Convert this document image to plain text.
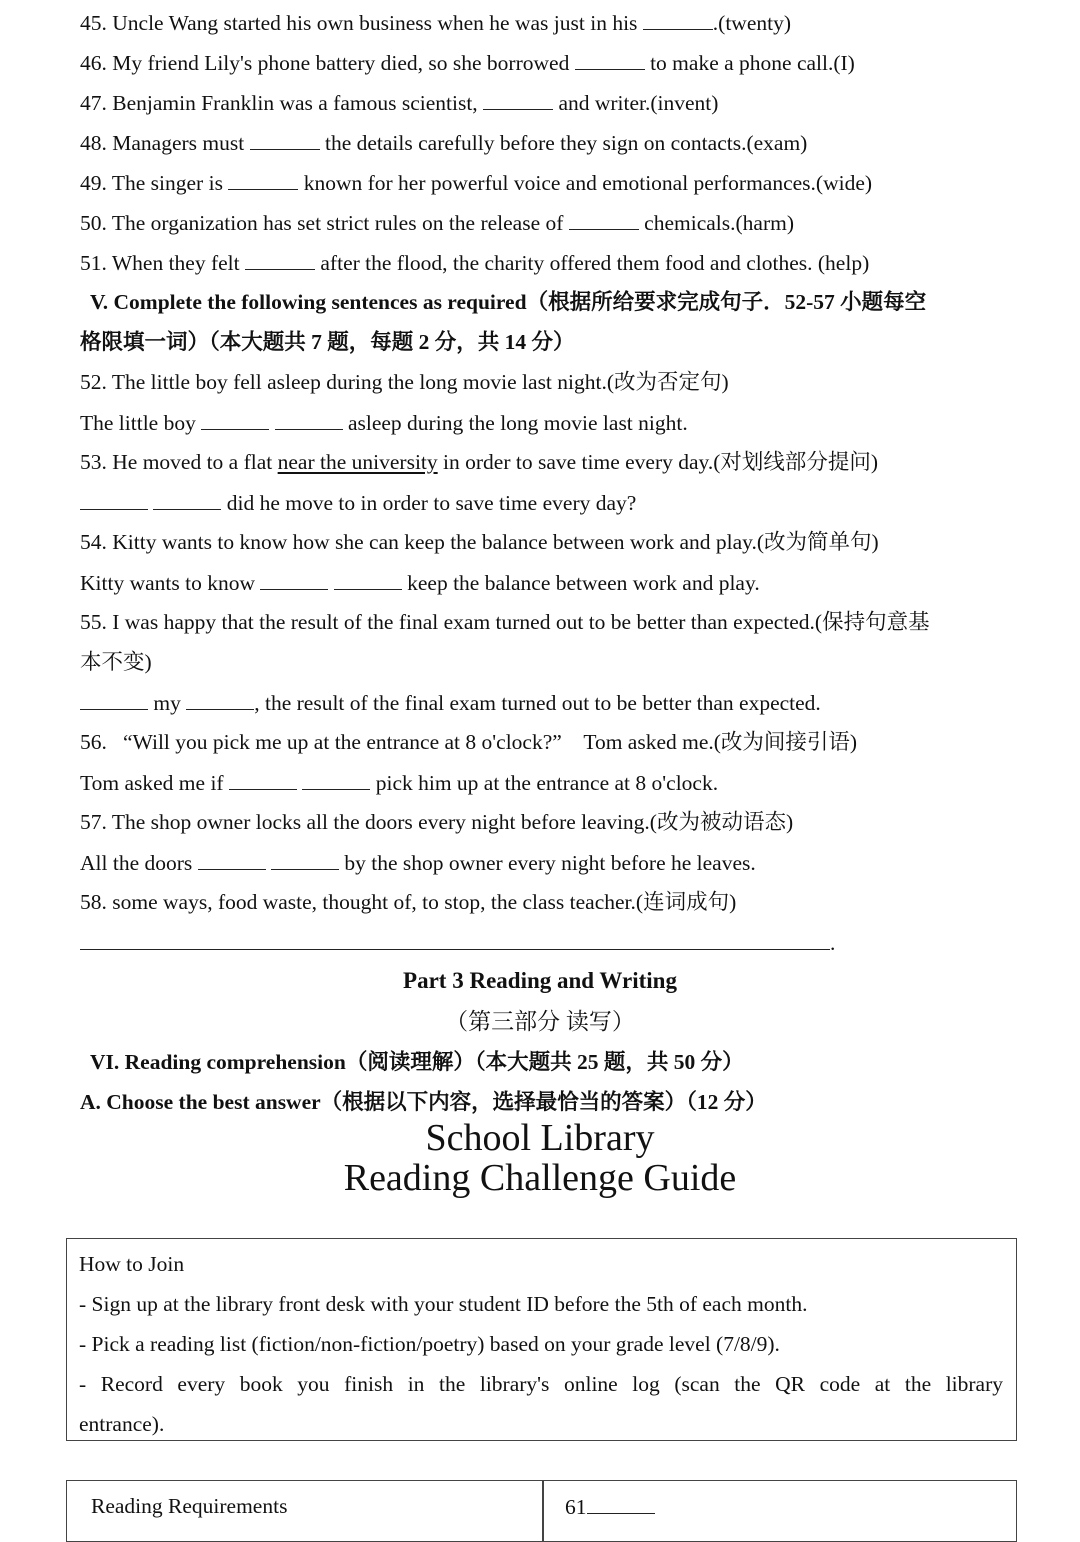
45. Uncle Wang started his own business when he was just in his	.(twenty)
46. My friend Lily's phone battery died, so she borrowed	to make a phone call.(I)
47. Benjamin Franklin was a famous scientist,	and writer.(invent)
48. Managers must	the details carefully before they sign on contacts.(exam)
49. The singer is	known for her powerful voice and emotional performances.(wide)
50. The organization has set strict rules on the release of	chemicals.(harm)
51. When they felt	after the flood, the charity offered them food and clothes. (help)
V. Complete the following sentences as required（根据所给要求完成句子．52-57 小题每空
格限填一词）（本大题共 7 题，每题 2 分，共 14 分）
52. The little boy fell asleep during the long movie last night.(改为否定句)
The little boy	asleep during the long movie last night.
53. He moved to a flat near the university in order to save time every day.(对划线部分提问)
did he move to in order to save time every day?
54. Kitty wants to know how she can keep the balance between work and play.(改为简单句)
Kitty wants to know	keep the balance between work and play.
55. I was happy that the result of the final exam turned out to be better than expected.(保持句意基
本不变)
my	, the result of the final exam turned out to be better than expected.
56. “Will you pick me up at the entrance at 8 o'clock?” Tom asked me.(改为间接引语)
Tom asked me if	pick him up at the entrance at 8 o'clock.
57. The shop owner locks all the doors every night before leaving.(改为被动语态)
All the doors	by the shop owner every night before he leaves.
58. some ways, food waste, thought of, to stop, the class teacher.(连词成句)
.
Part 3 Reading and Writing
（第三部分 读写）
VI. Reading comprehension（阅读理解）（本大题共 25 题，共 50 分）
A. Choose the best answer（根据以下内容，选择最恰当的答案）（12 分）
School Library
Reading Challenge Guide
How to Join
- Sign up at the library front desk with your student ID before the 5th of each month.
- Pick a reading list (fiction/non-fiction/poetry) based on your grade level (7/8/9).
- Record every book you finish in the library's online log (scan the QR code at the library
entrance).
Reading Requirements	61
